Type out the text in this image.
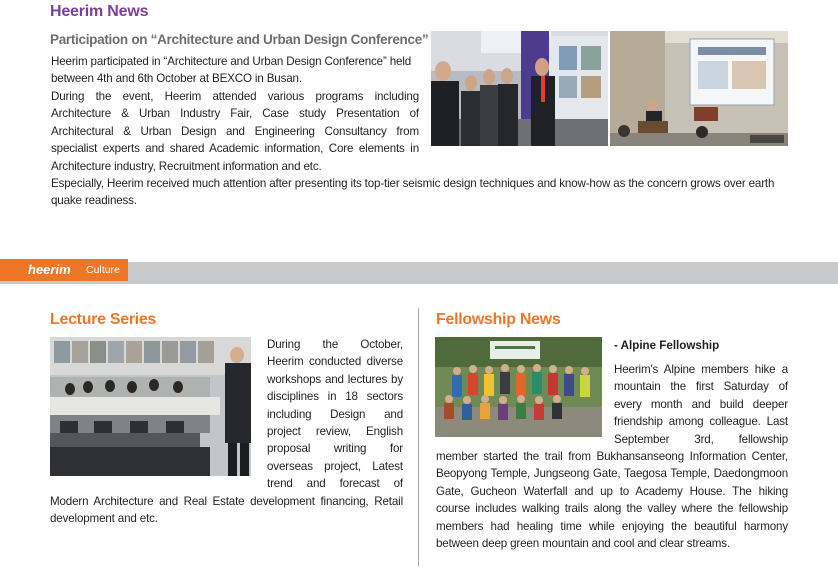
Heerim News
Participation on “Architecture and Urban Design Conference”
Heerim participated in “Architecture and Urban Design Conference” held between 4th and 6th October at BEXCO in Busan.
During the event, Heerim attended various programs including Architecture & Urban Industry Fair, Case study Presentation of Architectural & Urban Design and Engineering Consultancy from specialist experts and shared Academic information, Core elements in Architecture industry, Recruitment information and etc.
Especially, Heerim received much attention after presenting its top-tier seismic design techniques and know-how as the concern grows over earth quake readiness.
heerim Culture
Lecture Series
During the October, Heerim conducted diverse workshops and lectures by disciplines in 18 sectors including Design and project review, English proposal writing for overseas project, Latest trend and forecast of Modern Architecture and Real Estate development financing, Retail development and etc.
Fellowship News
- Alpine Fellowship
Heerim's Alpine members hike a mountain the first Saturday of every month and build deeper friendship among colleague. Last September 3rd, fellowship member started the trail from Bukhansanseong Information Center, Beopyong Temple, Jungseong Gate, Taegosa Temple, Daedongmoon Gate, Gucheon Waterfall and up to Academy House. The hiking course includes walking trails along the valley where the fellowship members had healing time while enjoying the beautiful harmony between deep green mountain and cool and clear streams.
